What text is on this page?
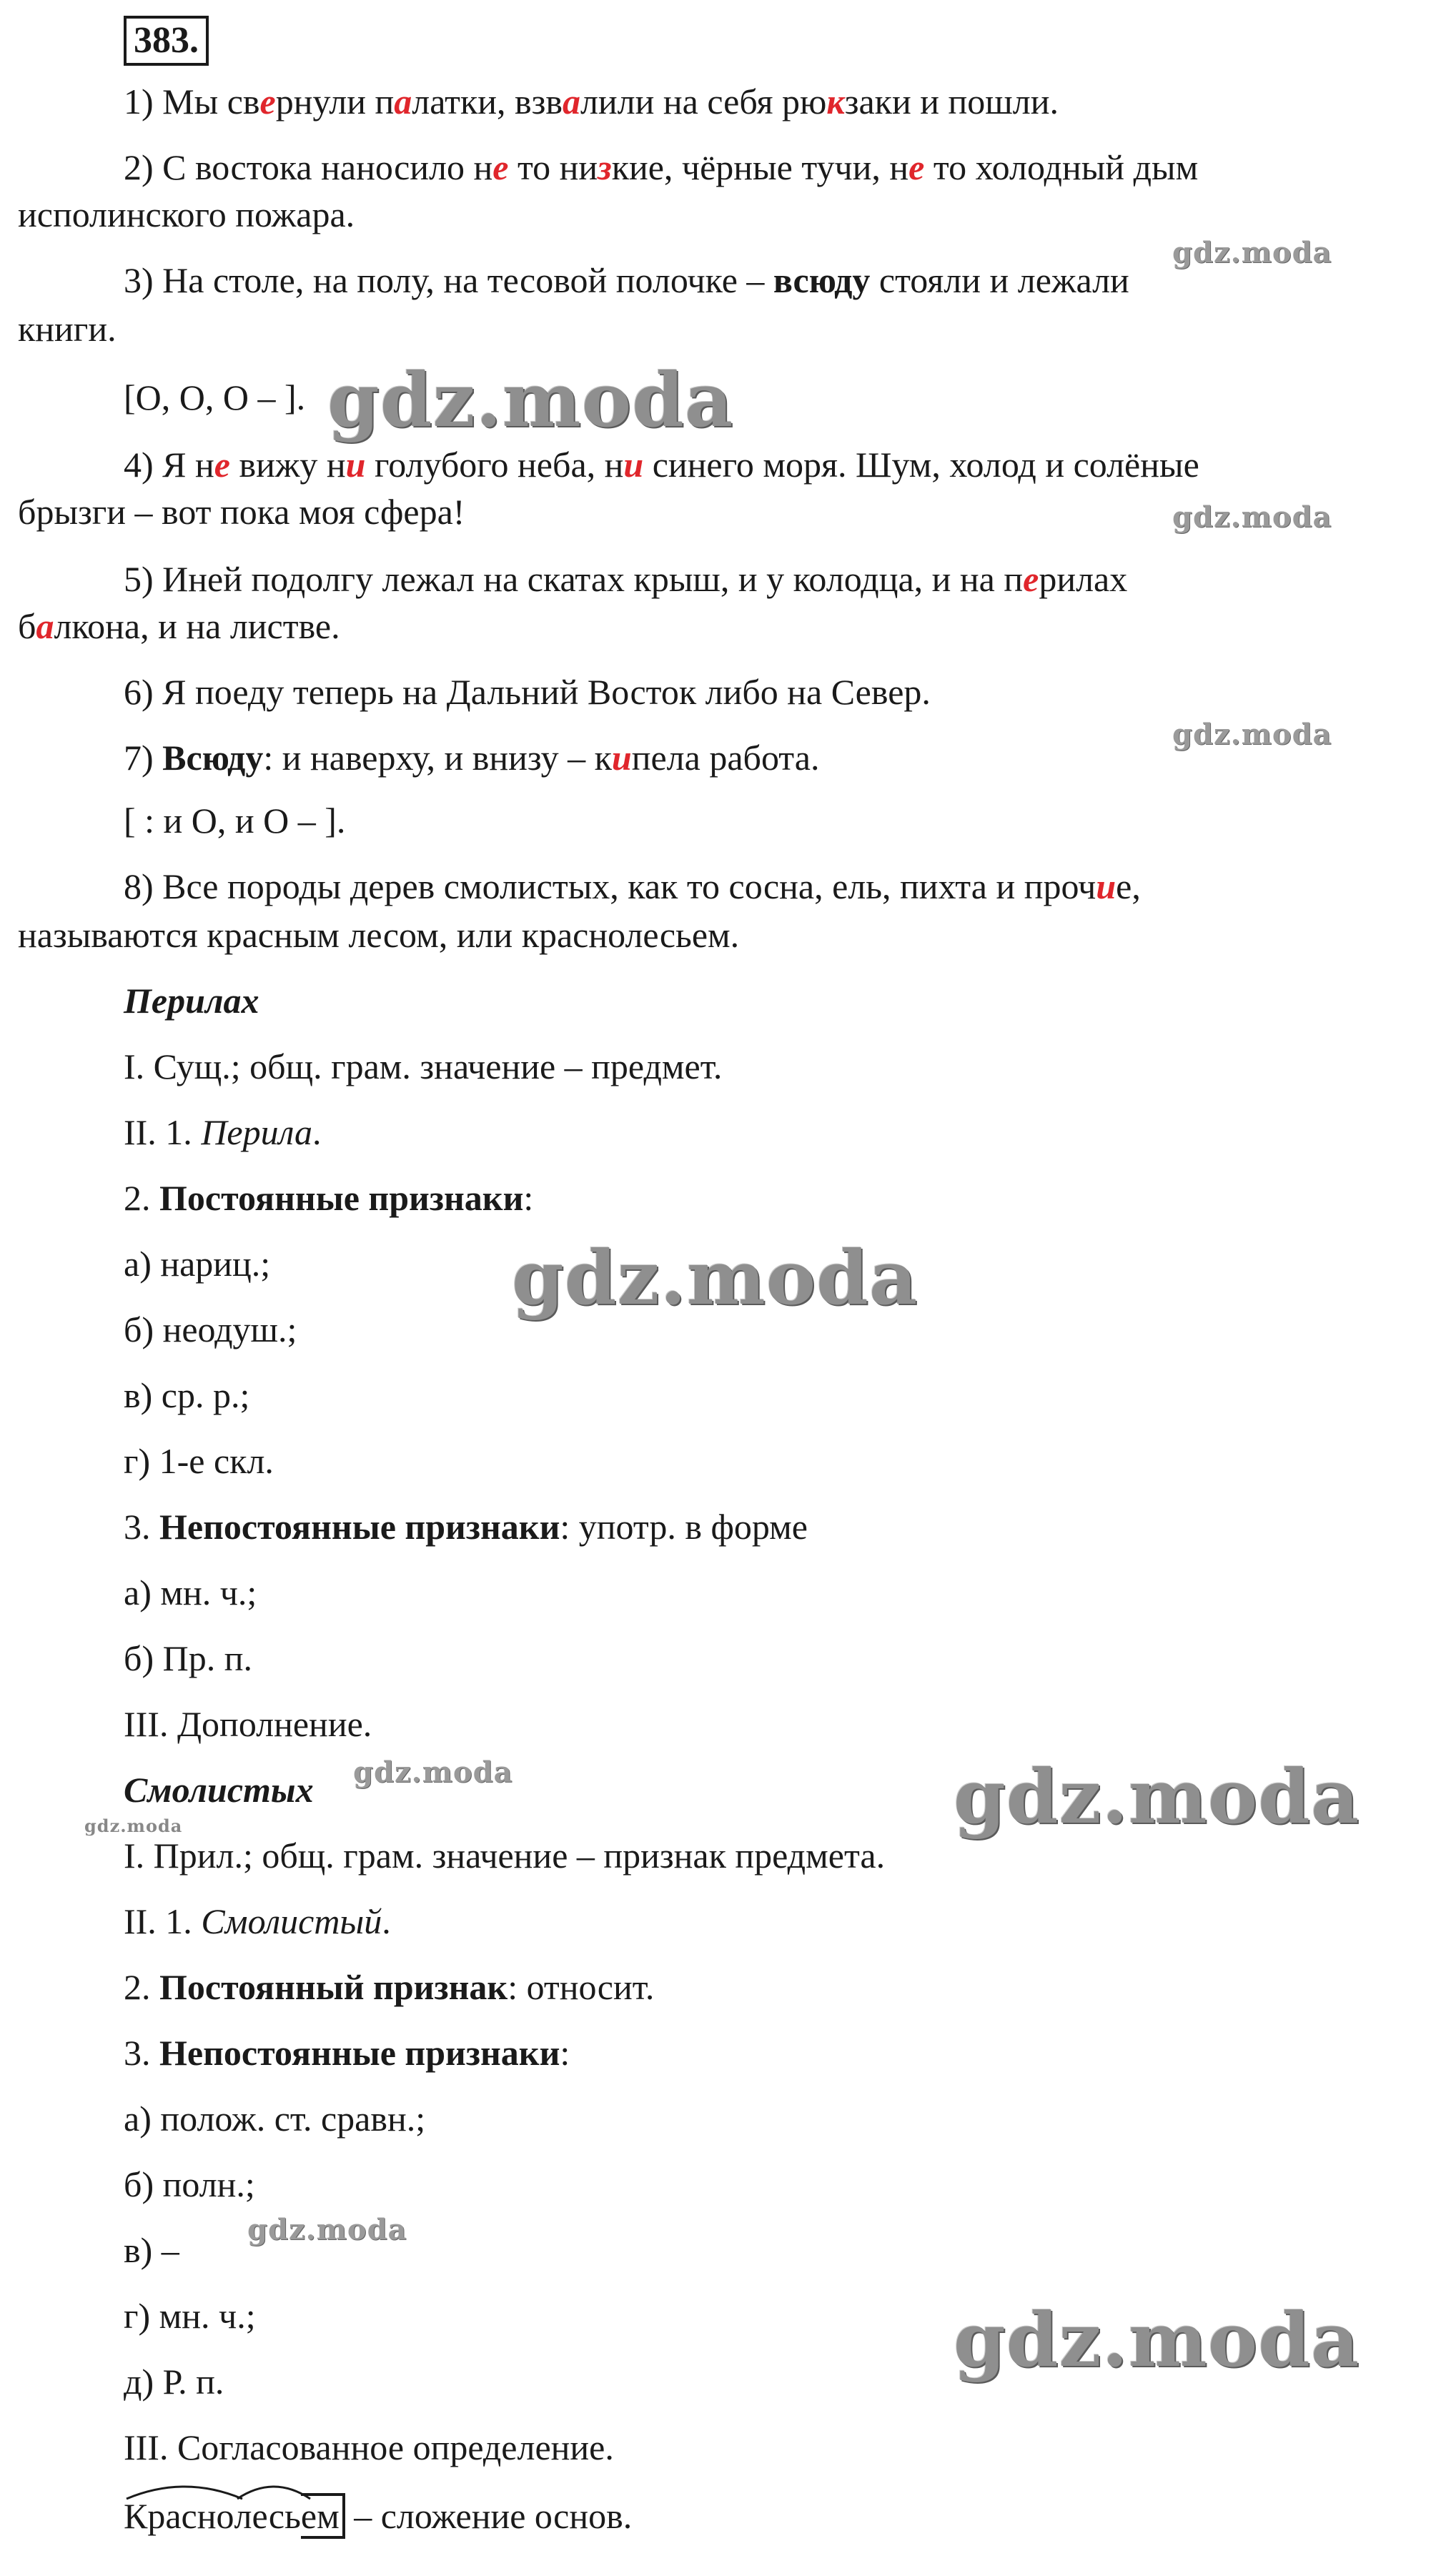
383.
1) Мы свернули палатки, взвалили на себя рюкзаки и пошли.
2) С востока наносило не то низкие, чёрные тучи, не то холодный дым
исполинского пожара.
3) На столе, на полу, на тесовой полочке – всюду стояли и лежали
книги.
[О, О, О – ].
4) Я не вижу ни голубого неба, ни синего моря. Шум, холод и солёные
брызги – вот пока моя сфера!
5) Иней подолгу лежал на скатах крыш, и у колодца, и на перилах
балкона, и на листве.
6) Я поеду теперь на Дальний Восток либо на Север.
7) Всюду: и наверху, и внизу – кипела работа.
[ : и О, и О – ].
8) Все породы дерев смолистых, как то сосна, ель, пихта и прочие,
называются красным лесом, или краснолесьем.
Перилах
I. Сущ.; общ. грам. значение – предмет.
II. 1. Перила.
2. Постоянные признаки:
а) нариц.;
б) неодуш.;
в) ср. р.;
г) 1-е скл.
3. Непостоянные признаки: употр. в форме
а) мн. ч.;
б) Пр. п.
III. Дополнение.
Смолистых
I. Прил.; общ. грам. значение – признак предмета.
II. 1. Смолистый.
2. Постоянный признак: относит.
3. Непостоянные признаки:
а) полож. ст. сравн.;
б) полн.;
в) –
г) мн. ч.;
д) Р. п.
III. Согласованное определение.
Красно
лесьем – сложение основ.
gdz.moda
gdz.moda
gdz.moda
gdz.moda
gdz.moda
gdz.moda
gdz.moda	gdz.moda
gdz.moda
gdz.moda
